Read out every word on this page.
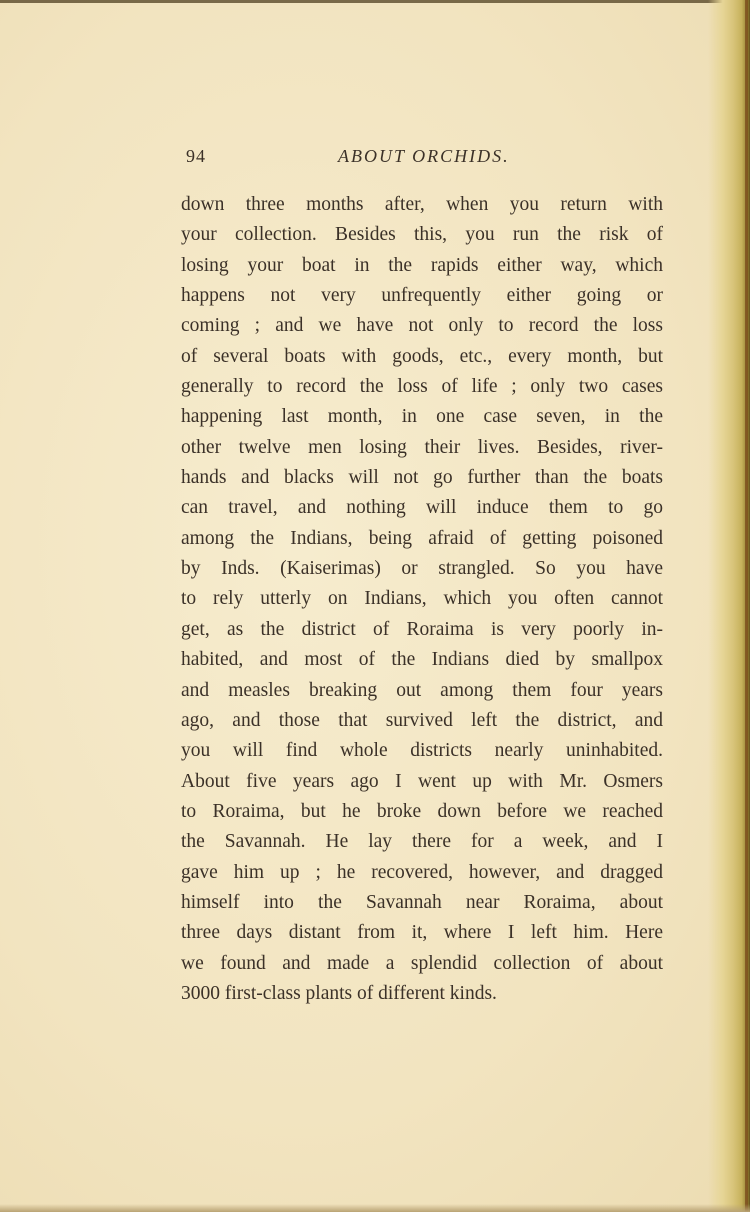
94	ABOUT ORCHIDS.
down three months after, when you return with
your collection. Besides this, you run the risk of
losing your boat in the rapids either way, which
happens not very unfrequently either going or
coming ; and we have not only to record the loss
of several boats with goods, etc., every month, but
generally to record the loss of life ; only two cases
happening last month, in one case seven, in the
other twelve men losing their lives. Besides, river-
hands and blacks will not go further than the boats
can travel, and nothing will induce them to go
among the Indians, being afraid of getting poisoned
by Inds. (Kaiserimas) or strangled. So you have
to rely utterly on Indians, which you often cannot
get, as the district of Roraima is very poorly in-
habited, and most of the Indians died by smallpox
and measles breaking out among them four years
ago, and those that survived left the district, and
you will find whole districts nearly uninhabited.
About five years ago I went up with Mr. Osmers
to Roraima, but he broke down before we reached
the Savannah. He lay there for a week, and I
gave him up ; he recovered, however, and dragged
himself into the Savannah near Roraima, about
three days distant from it, where I left him. Here
we found and made a splendid collection of about
3000 first-class plants of different kinds.
